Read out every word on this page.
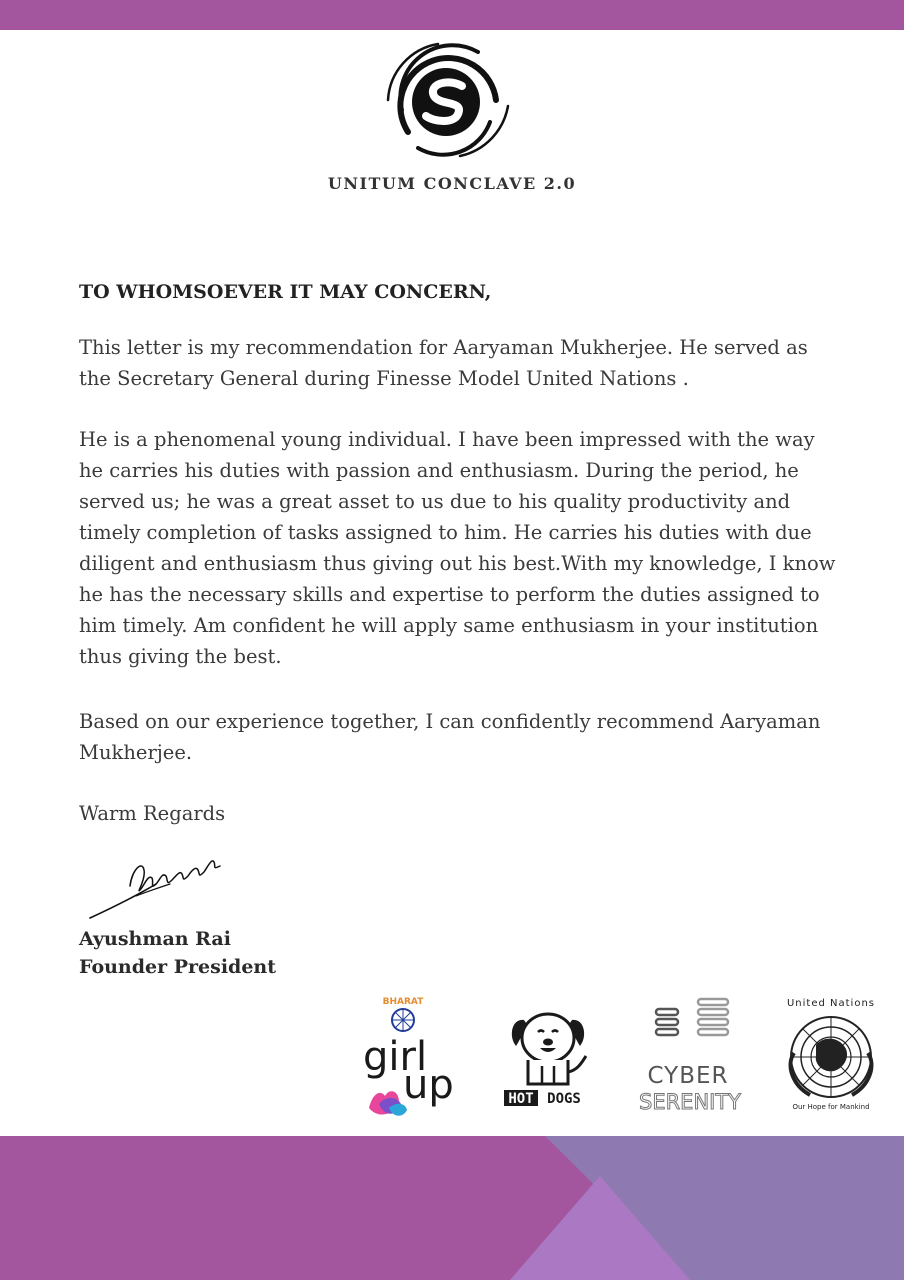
UNITUM CONCLAVE 2.0
TO WHOMSOEVER IT MAY CONCERN,

This letter is my recommendation for Aaryaman Mukherjee. He served as the Secretary General during Finesse Model United Nations .

He is a phenomenal young individual. I have been impressed with the way he carries his duties with passion and enthusiasm. During the period, he served us; he was a great asset to us due to his quality productivity and timely completion of tasks assigned to him. He carries his duties with due diligent and enthusiasm thus giving out his best.With my knowledge, I know he has the necessary skills and expertise to perform the duties assigned to him timely. Am confident he will apply same enthusiasm in your institution thus giving the best.

Based on our experience together, I can confidently recommend Aaryaman Mukherjee.

Warm Regards
Ayushman Rai
Founder President
BHARAT
girl
up	HOT DOGS
CYBER
SERENITY
United Nations
Our Hope for Mankind
